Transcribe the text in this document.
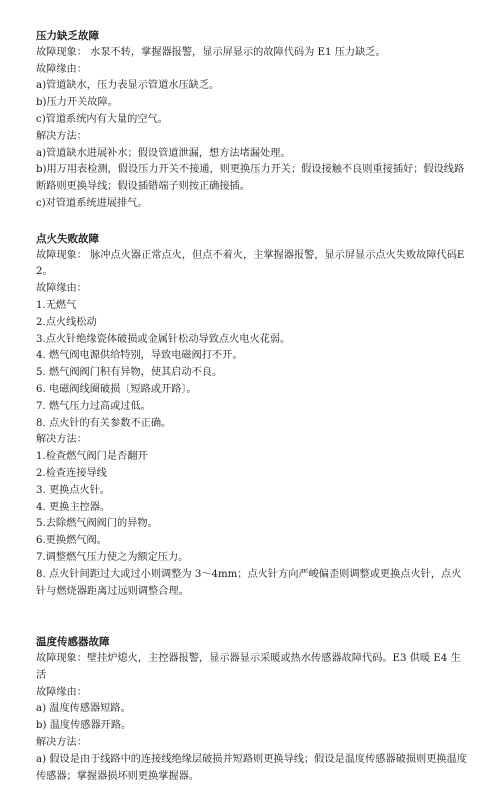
压力缺乏故障
故障现象： 水泵不转，掌握器报警，显示屏显示的故障代码为 E1 压力缺乏。
故障缘由：
a)管道缺水，压力表显示管道水压缺乏。
b)压力开关故障。
c)管道系统内有大量的空气。
解决方法：
a)管道缺水进展补水；假设管道泄漏，想方法堵漏处理。
b)用万用表检测，假设压力开关不接通，则更换压力开关；假设接触不良则重接插好；假设线路断路则更换导线；假设插错端子则按正确接插。
c)对管道系统进展排气。
点火失败故障
故障现象： 脉冲点火器正常点火，但点不着火，主掌握器报警，显示屏显示点火失败故障代码E2。
故障缘由：
1.无燃气
2.点火线松动
3.点火针绝缘瓷体破损或金属针松动导致点火电火花弱。
4. 燃气阀电源供给特别，导致电磁阀打不开。
5. 燃气阀阀门积有异物，使其启动不良。
6. 电磁阀线圈破损〔短路或开路〕。
7. 燃气压力过高或过低。
8. 点火针的有关参数不正确。
解决方法：
1.检查燃气阀门是否翻开
2.检查连接导线
3. 更换点火针。
4. 更换主控器。
5.去除燃气阀阀门的异物。
6.更换燃气阀。
7.调整燃气压力使之为额定压力。
8. 点火针间距过大或过小则调整为 3～4mm；点火针方向严峻偏歪则调整或更换点火针，点火针与燃烧器距离过远则调整合理。
温度传感器故障
故障现象：壁挂炉熄火，主控器报警，显示器显示采暖或热水传感器故障代码。E3 供暖 E4 生活
故障缘由：
a) 温度传感器短路。
b) 温度传感器开路。
解决方法：
a) 假设是由于线路中的连接线绝缘层破损并短路则更换导线；假设是温度传感器破损则更换温度传感器；掌握器损坏则更换掌握器。
